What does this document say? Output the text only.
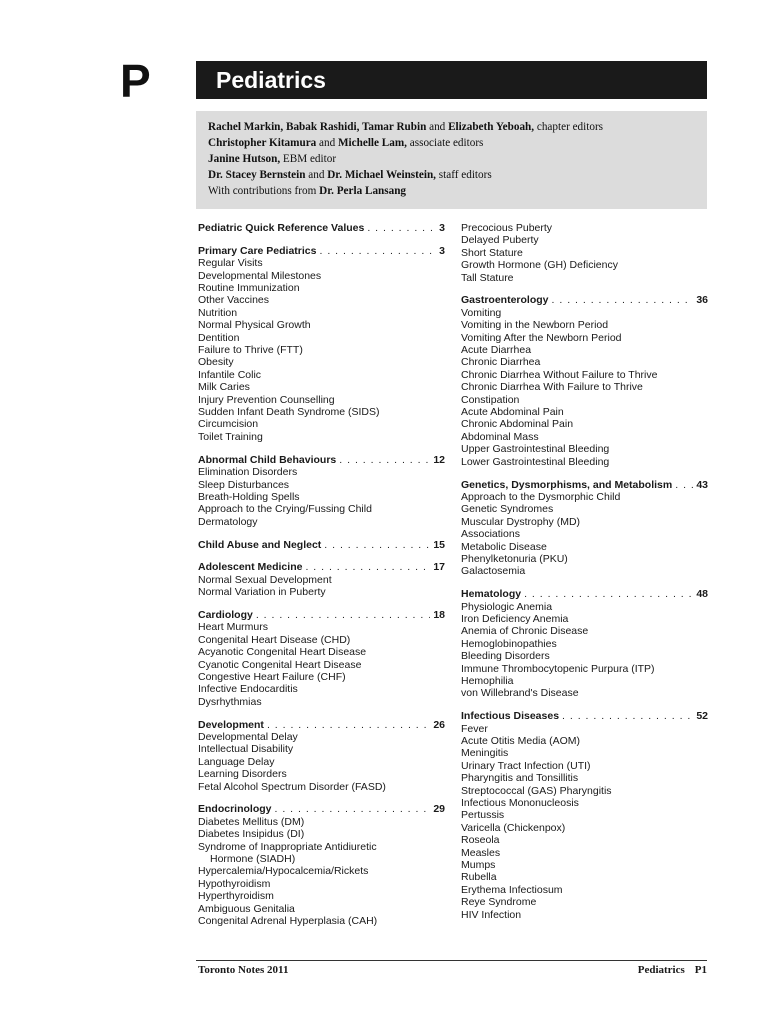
P	Pediatrics
Rachel Markin, Babak Rashidi, Tamar Rubin and Elizabeth Yeboah, chapter editors
Christopher Kitamura and Michelle Lam, associate editors
Janine Hutson, EBM editor
Dr. Stacey Bernstein and Dr. Michael Weinstein, staff editors
With contributions from Dr. Perla Lansang
Pediatric Quick Reference Values . . .	3
Primary Care Pediatrics . . .	3
Regular Visits
Developmental Milestones
Routine Immunization
Other Vaccines
Nutrition
Normal Physical Growth
Dentition
Failure to Thrive (FTT)
Obesity
Infantile Colic
Milk Caries
Injury Prevention Counselling
Sudden Infant Death Syndrome (SIDS)
Circumcision
Toilet Training
Abnormal Child Behaviours . . .	12
Elimination Disorders
Sleep Disturbances
Breath-Holding Spells
Approach to the Crying/Fussing Child
Dermatology
Child Abuse and Neglect . . .	15
Adolescent Medicine . . .	17
Normal Sexual Development
Normal Variation in Puberty
Cardiology . . .	18
Heart Murmurs
Congenital Heart Disease (CHD)
Acyanotic Congenital Heart Disease
Cyanotic Congenital Heart Disease
Congestive Heart Failure (CHF)
Infective Endocarditis
Dysrhythmias
Development . . .	26
Developmental Delay
Intellectual Disability
Language Delay
Learning Disorders
Fetal Alcohol Spectrum Disorder (FASD)
Endocrinology . . .	29
Diabetes Mellitus (DM)
Diabetes Insipidus (DI)
Syndrome of Inappropriate Antidiuretic
Hormone (SIADH)
Hypercalemia/Hypocalcemia/Rickets
Hypothyroidism
Hyperthyroidism
Ambiguous Genitalia
Congenital Adrenal Hyperplasia (CAH)
Precocious Puberty
Delayed Puberty
Short Stature
Growth Hormone (GH) Deficiency
Tall Stature
Gastroenterology . . .	36
Vomiting
Vomiting in the Newborn Period
Vomiting After the Newborn Period
Acute Diarrhea
Chronic Diarrhea
Chronic Diarrhea Without Failure to Thrive
Chronic Diarrhea With Failure to Thrive
Constipation
Acute Abdominal Pain
Chronic Abdominal Pain
Abdominal Mass
Upper Gastrointestinal Bleeding
Lower Gastrointestinal Bleeding
Genetics, Dysmorphisms, and Metabolism . . . 43
Approach to the Dysmorphic Child
Genetic Syndromes
Muscular Dystrophy (MD)
Associations
Metabolic Disease
Phenylketonuria (PKU)
Galactosemia
Hematology . . .	48
Physiologic Anemia
Iron Deficiency Anemia
Anemia of Chronic Disease
Hemoglobinopathies
Bleeding Disorders
Immune Thrombocytopenic Purpura (ITP)
Hemophilia
von Willebrand's Disease
Infectious Diseases . . .	52
Fever
Acute Otitis Media (AOM)
Meningitis
Urinary Tract Infection (UTI)
Pharyngitis and Tonsillitis
Streptococcal (GAS) Pharyngitis
Infectious Mononucleosis
Pertussis
Varicella (Chickenpox)
Roseola
Measles
Mumps
Rubella
Erythema Infectiosum
Reye Syndrome
HIV Infection
Toronto Notes 2011	Pediatrics P1
